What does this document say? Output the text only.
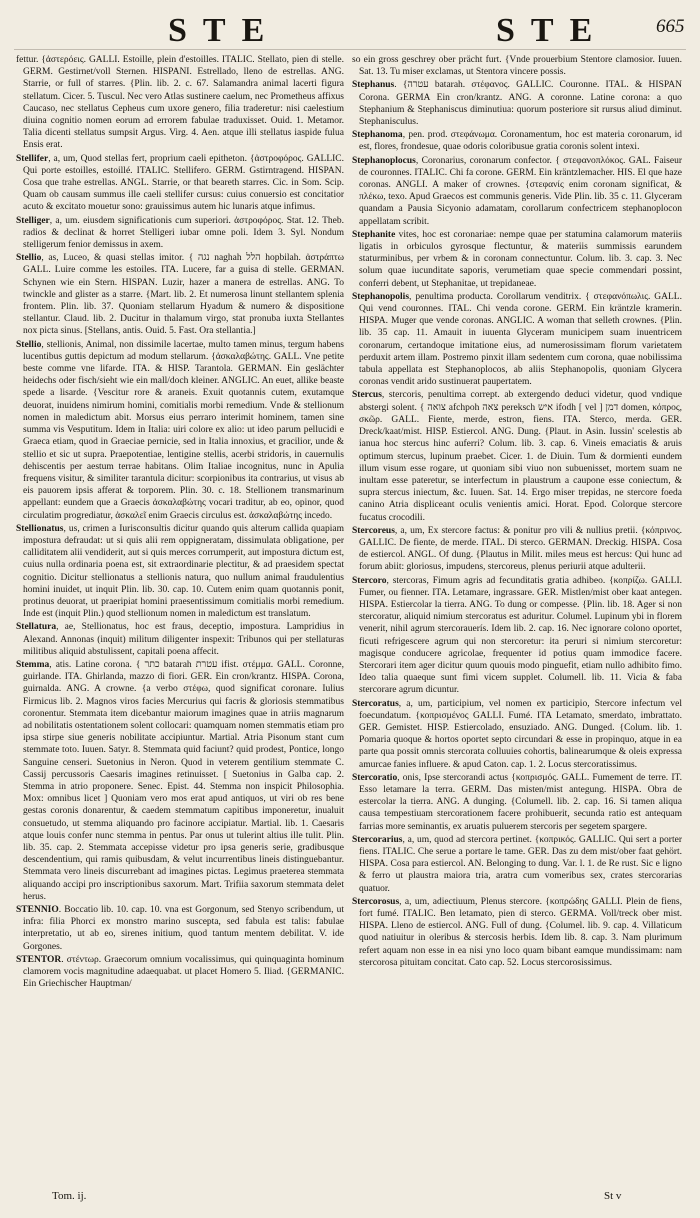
STE	STE	665

fettur. {ἀστερόεις. GALLI. Estoille, plein d'estoilles. ITALIC. Stellato, pien di stelle. GERM. Gestirnet/voll Sternen. HISPANI. Estrellado, lleno de estrellas. ANG. Starrie, or full of starres. {Plin. lib. 2. c. 67. Salamandra animal lacerti figura stellatum. Cicer. 5. Tuscul. Nec vero Atlas sustinere caelum, nec Prometheus affixus Caucaso, nec stellatus Cepheus cum uxore genero, filia traderetur: nisi caelestium diuina cognitio nomen eorum ad errorem fabulae traduxisset. Ouid. 1. Metamor. Talia dicenti stellatus sumpsit Argus. Virg. 4. Aen. atque illi stellatus iaspide fulua Ensis erat.

Stellifer, a, um, Quod stellas fert, proprium caeli epitheton. {ἀστροφόρος. GALLIC. Qui porte estoilles, estoillé. ITALIC. Stellifero. GERM. Gstirntragend. HISPAN. Cosa que trahe estrellas. ANGL. Starrie, or that beareth starres. Cic. in Som. Scip. Quam ob causam summus ille caeli stellifer cursus: cuius conuersio est concitatior acuto & excitato mouetur sono: grauissimus autem hic lunaris atque infimus.

Stelliger, a, um. eiusdem significationis cum superiori. ἀστροφόρος. Stat. 12. Theb. radios & declinat & horret Stelligeri iubar omne poli. Idem 3. Syl. Nondum stelligerum fenior demissus in axem.

Stellio, as, Luceo, & quasi stellas imitor. { נגה naghah הלל hopbilah. ἀστράπτω GALL. Luire comme les estoiles. ITA. Lucere, far a guisa di stelle. GERMAN. Schynen wie ein Stern. HISPAN. Luzir, hazer a manera de estrellas. ANG. To twinckle and glister as a starre. {Mart. lib. 2. Et numerosa linunt stellantem splenia frontem. Plin. lib. 37. Quoniam stellarum Hyadum & numero & dispositione stellantur. Claud. lib. 2. Ducitur in thalamum virgo, stat pronuba iuxta Stellantes nox picta sinus. [Stellans, antis. Ouid. 5. Fast. Ora stellantia.]

Stellio, stellionis, Animal, non dissimile lacertae, multo tamen minus, tergum habens lucentibus guttis depictum ad modum stellarum. {ἀσκαλαβώτης. GALL. Vne petite beste comme vne lifarde. ITA. & HISP. Tarantola. GERMAN. Ein geslächter heidechs oder fisch/sieht wie ein mall/doch kleiner. ANGLIC. An euet, allike beaste spede a lisarde. {Vescitur rore & araneis. Exuit quotannis cutem, exutamque deuorat, inuidens nimirum homini, comitialis morbi remedium. Vnde & stellionum nomen in maledictum abit. Morsus eius perraro interimit hominem, tamen sine summa vis Vesputitum. Idem in Italia: uiri colore ex alio: ut ideo parum pellucidi e Graeca etiam, quod in Graeciae pernicie, sed in Italia innoxius, et gracilior, unde & stellio et sic ut supra. Praepotentiae, lentigine stellis, acerbi stridoris, in cauernulis dehiscentis per aestum terrae habitans. Olim Italiae incognitus, nunc in Apulia frequens visitur, & similiter tarantula dicitur: scorpionibus ita contrarius, ut visus ab eis pauorem ipsis afferat & torporem. Plin. 30. c. 18. Stellionem transmarinum appellant: eundem que a Graecis ἀσκαλαβώτης vocari traditur, ab eo, opinor, quod circulatim progrediatur, ἀσκαλεῖ enim Graecis circulus est. ἀσκαλαβώτης incedo.

Stellionatus, us, crimen a Iurisconsultis dicitur quando quis alterum callida quapiam impostura defraudat: ut si quis alii rem oppigneratam, dissimulata obligatione, per calliditatem alii vendiderit, aut si quis merces corrumperit, aut impostura dictum est, cuius nulla ordinaria poena est, sit extraordinarie plectitur, & ad praesidem spectat cognitio. Dicitur stellionatus a stellionis natura, quo nullum animal fraudulentius homini inuidet, ut inquit Plin. lib. 30. cap. 10. Cutem enim quam quotannis ponit, protinus deuorat, ut praeripiat homini praesentissimum comitialis morbi remedium. Inde est (inquit Plin.) quod stellionum nomen in maledictum est translatum.

Stellatura, ae, Stellionatus, hoc est fraus, deceptio, impostura. Lampridius in Alexand. Annonas (inquit) militum diligenter inspexit: Tribunos qui per stellaturas militibus aliquid abstulissent, capitali poena affecit.

Stemma, atis. Latine corona. { כתר batarah עטרת ifist. στέμμα. GALL. Coronne, guirlande. ITA. Ghirlanda, mazzo di fiori. GER. Ein cron/krantz. HISPA. Corona, guirnalda. ANG. A crowne. {a verbo στέφω, quod significat coronare. Iulius Firmicus lib. 2. Magnos viros facies Mercurius qui facris & gloriosis stemmatibus coronentur. Stemmata item dicebantur maiorum imagines quae in atriis magnarum ad nobilitatis ostentationem solent collocari: quamquam nomen stemmatis etiam pro ipsa stirpe siue generis nobilitate accipiuntur. Martial. Atria Pisonum stant cum stemmate toto. Iuuen. Satyr. 8. Stemmata quid faciunt? quid prodest, Pontice, longo Sanguine censeri. Suetonius in Neron. Quod in veterem gentilium stemmate C. Cassij percussoris Caesaris imagines retinuisset. [ Suetonius in Galba cap. 2. Stemma in atrio proponere. Senec. Epist. 44. Stemma non inspicit Philosophia. Mox: omnibus licet ] Quoniam vero mos erat apud antiquos, ut viri ob res bene gestas coronis donarentur, & caedem stemmatum capitibus imponeretur, inualuit consuetudo, ut stemma aliquando pro facinore accipiatur. Martial. lib. 1. Caesaris atque louis confer nunc stemma in pentus. Par onus ut tulerint altius ille tulit. Plin. lib. 35. cap. 2. Stemmata accepisse videtur pro ipsa generis serie, gradibusque descendentium, qui ramis quibusdam, & velut incurrentibus lineis distinguebantur. Stemmata vero lineis discurrebant ad imagines pictas. Legimus praeterea stemmata aliquando accipi pro inscriptionibus saxorum. Mart. Trifiia saxorum stemmata delet herus.

STENNIO. Boccatio lib. 10. cap. 10. vna est Gorgonum, sed Stenyo scribendum, ut infra: filia Phorci ex monstro marino suscepta, sed fabula est talis: fabulae interpretatio, ut ab eo, sirenes initium, quod tantum mentem debilitat. V. ide Gorgones.

STENTOR. στέντωρ. Graecorum omnium vocalissimus, qui quinquaginta hominum clamorem vocis magnitudine adaequabat. ut placet Homero 5. Iliad. {GERMANIC. Ein Griechischer Hauptman/

so ein gross geschrey ober prächt furt. {Vnde prouerbium Stentore clamosior. Iuuen. Sat. 13. Tu miser exclamas, ut Stentora vincere possis.

Stephanus. {עטרה batarah. στέφανος. GALLIC. Couronne. ITAL. & HISPAN Corona. GERMA Ein cron/krantz. ANG. A coronne. Latine corona: a quo Stephanium & Stephaniscus diminutiua: quorum posteriore sit rursus aliud diminut. Stephanisculus.

Stephanoma, pen. prod. στεφάνωμα. Coronamentum, hoc est materia coronarum, id est, flores, frondesue, quae odoris coloribusue gratia coronis solent intexi.

Stephanoplocus, Coronarius, coronarum confector. { στεφανοπλόκος. GAL. Faiseur de couronnes. ITALIC. Chi fa corone. GERM. Ein kräntzlemacher. HIS. El que haze coronas. ANGLI. A maker of crownes. {στεφανίς enim coronam significat, & πλέκω, texo. Apud Graecos est communis generis. Vide Plin. lib. 35 c. 11. Glyceram quandam a Pausia Sicyonio adamatam, corollarum confectricem stephanoplocon appellatam scribit.

Stephanite vites, hoc est coronariae: nempe quae per statumina calamorum materiis ligatis in orbiculos gyrosque flectuntur, & materiis summissis earundem staturminibus, per vrbem & in coronam connectuntur. Colum. lib. 3. cap. 3. Nec solum quae iucunditate saporis, verumetiam quae specie commendari possint, conferri debent, ut Stephanitae, ut trepidaneae.

Stephanopolis, penultima producta. Corollarum venditrix. { στεφανόπωλις. GALL. Qui vend couronnes. ITAL. Chi venda corone. GERM. Ein kräntzle kramerin. HISPA. Muger que vende coronas. ANGLIC. A woman that selleth crownes. {Plin. lib. 35 cap. 11. Amauit in iuuenta Glyceram municipem suam inuentricem coronarum, certandoque imitatione eius, ad numerosissimam florum varietatem perduxit artem illam. Postremo pinxit illam sedentem cum corona, quae nobilissima tabula appellata est Stephanoplocos, ab aliis Stephanopolis, quoniam Glycera coronas vendit arido sustinuerat paupertatem.

Stercus, stercoris, penultima corrept. ab extergendo deduci videtur, quod vndique abstergi solent. { צואה afchpoh צאה pereksch איש ifodh [ vel ] דמן domen, κόπρος, σκῶρ. GALL. Fiente, merde, estron, fiens. ITA. Sterco, merda. GER. Dreck/kaat/mist. HISP. Estiercol. ANG. Dung. {Plaut. in Asin. Iussin' scelestis ab ianua hoc stercus hinc auferri? Colum. lib. 3. cap. 6. Vineis emaciatis & aruis optimum stercus, lupinum praebet. Cicer. 1. de Diuin. Tum & dormienti eundem illum visum esse rogare, ut quoniam sibi viuo non subuenisset, mortem suam ne inultam esse pateretur, se interfectum in plaustrum a caupone esse coniectum, & supra stercus iniectum, &c. Iuuen. Sat. 14. Ergo miser trepidas, ne stercore foeda canino Atria displiceant oculis venientis amici. Horat. Epod. Colorque stercore fucatus crocodili.

Stercoreus, a, um, Ex stercore factus: & ponitur pro vili & nullius pretii. {κόπρινος. GALLIC. De fiente, de merde. ITAL. Di sterco. GERMAN. Dreckig. HISPA. Cosa de estiercol. ANGL. Of dung. {Plautus in Milit. miles meus est hercus: Qui hunc ad forum abiit: gloriosus, impudens, stercoreus, plenus periurii atque adulterii.

Stercoro, stercoras, Fimum agris ad fecunditatis gratia adhibeo. {κοπρίζω. GALLI. Fumer, ou fienner. ITA. Letamare, ingrassare. GER. Mistlen/mist ober kaat antegen. HISPA. Estiercolar la tierra. ANG. To dung or compesse. {Plin. lib. 18. Ager si non stercoratur, aliquid nimium stercoratus est aduritur. Columel. Lupinum ybi in florem venerit, nihil agrum stercorauerís. Idem lib. 2. cap. 16. Nec ignorare colono oportet, ficuti refrigescere agrum qui non stercoretur: ita peruri si nimium stercoretur: magisque conducere agricolae, frequenter id potius quam immodice facere. Stercorari item ager dicitur quum quouis modo pinguefit, etiam nullo adhibito fimo. Ideo talia quaeque sunt fimi vicem supplet. Columell. lib. 11. Vicia & faba stercorare agrum dicuntur.

Stercoratus, a, um, participium, vel nomen ex participio, Stercore infectum vel foecundatum. {κοπρισμένος GALLI. Fumé. ITA Letamato, smerdato, imbrattato. GER. Gemistet. HISP. Estiercolado, ensuziado. ANG. Dunged. {Colum. lib. 1. Pomaria quoque & hortos oportet septo circundari & esse in propinquo, atque in ea parte qua possit omnis stercorata colluuies cohortis, balinearumque & oleis expressa amurcae fanies influere. & apud Caton. cap. 1. 2. Locus stercoratissimus.

Stercoratio, onis, Ipse stercorandi actus {κοπρισμός. GALL. Fumement de terre. IT. Esso letamare la terra. GERM. Das misten/mist antegung. HISPA. Obra de estercolar la tierra. ANG. A dunging. {Columell. lib. 2. cap. 16. Si tamen aliqua causa tempestiuam stercorationem facere prohibuerit, secunda ratio est antequam farrias more seminantis, ex aruatis puluerem stercoris per segetem spargere.

Stercorarius, a, um, quod ad stercora pertinet. {κοπρικός. GALLIC. Qui sert a porter fiens. ITALIC. Che serue a portare le tame. GER. Das zu dem mist/ober faat gehört. HISPA. Cosa para estiercol. AN. Belonging to dung. Var. l. 1. de Re rust. Sic e ligno & ferro ut plaustra maiora tria, aratra cum vomeribus sex, crates stercorarias quatuor.

Stercorosus, a, um, adiectiuum, Plenus stercore. {κοπρώδης GALLI. Plein de fiens, fort fumé. ITALIC. Ben letamato, pien di sterco. GERMA. Voll/treck ober mist. HISPA. Lleno de estiercol. ANG. Full of dung. {Columel. lib. 9. cap. 4. Villaticum quod natiuitur in oleribus & stercosis herbis. Idem lib. 8. cap. 3. Nam plurimum refert aquam non esse in ea nisi yno loco quam bibant eamque mundissimam: nam stercorosa pituitam concitat. Cato cap. 52. Locus stercorosissimus.

Tom. ij.	St v
